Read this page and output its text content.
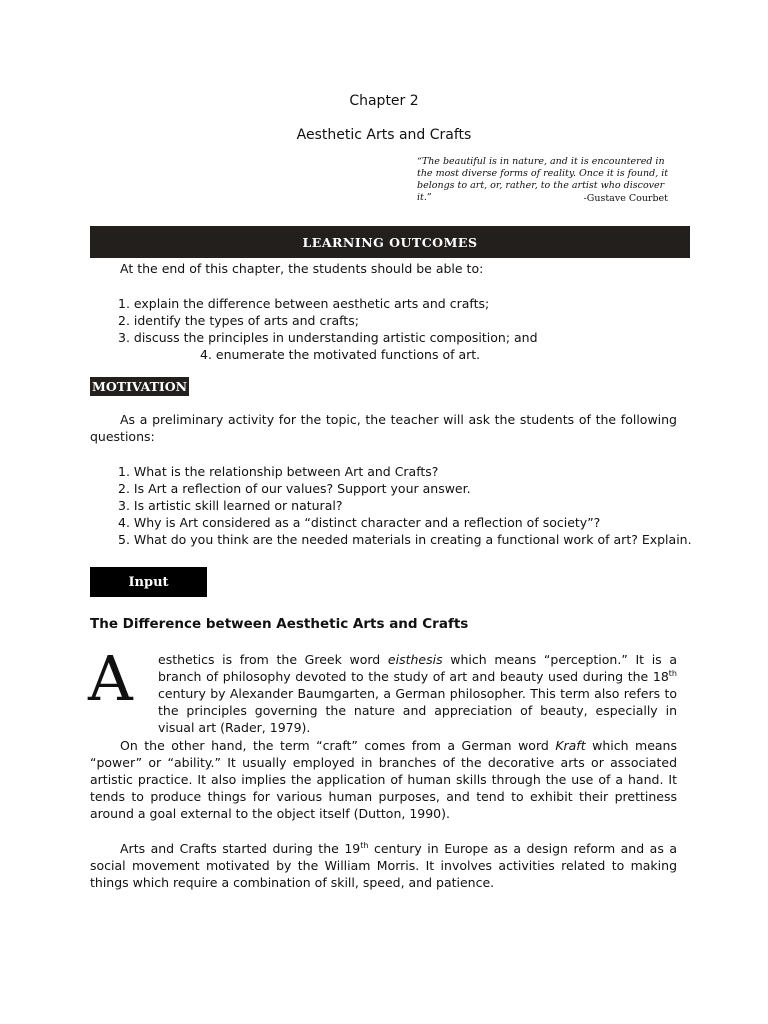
Chapter 2
Aesthetic Arts and Crafts
“The beautiful is in nature, and it is encountered in the most diverse forms of reality. Once it is found, it belongs to art, or, rather, to the artist who discover it.”	-Gustave Courbet
LEARNING OUTCOMES
At the end of this chapter, the students should be able to:
1. explain the difference between aesthetic arts and crafts;
2. identify the types of arts and crafts;
3. discuss the principles in understanding artistic composition; and
4. enumerate the motivated functions of art.
MOTIVATION
As a preliminary activity for the topic, the teacher will ask the students of the following questions:
1. What is the relationship between Art and Crafts?
2. Is Art a reflection of our values? Support your answer.
3. Is artistic skill learned or natural?
4. Why is Art considered as a “distinct character and a reflection of society”?
5. What do you think are the needed materials in creating a functional work of art? Explain.
Input
The Difference between Aesthetic Arts and Crafts
A esthetics is from the Greek word eisthesis which means “perception.” It is a branch of philosophy devoted to the study of art and beauty used during the 18th century by Alexander Baumgarten, a German philosopher. This term also refers to the principles governing the nature and appreciation of beauty, especially in visual art (Rader, 1979).
On the other hand, the term “craft” comes from a German word Kraft which means “power” or “ability.” It usually employed in branches of the decorative arts or associated artistic practice. It also implies the application of human skills through the use of a hand. It tends to produce things for various human purposes, and tend to exhibit their prettiness around a goal external to the object itself (Dutton, 1990).
Arts and Crafts started during the 19th century in Europe as a design reform and as a social movement motivated by the William Morris. It involves activities related to making things which require a combination of skill, speed, and patience.
